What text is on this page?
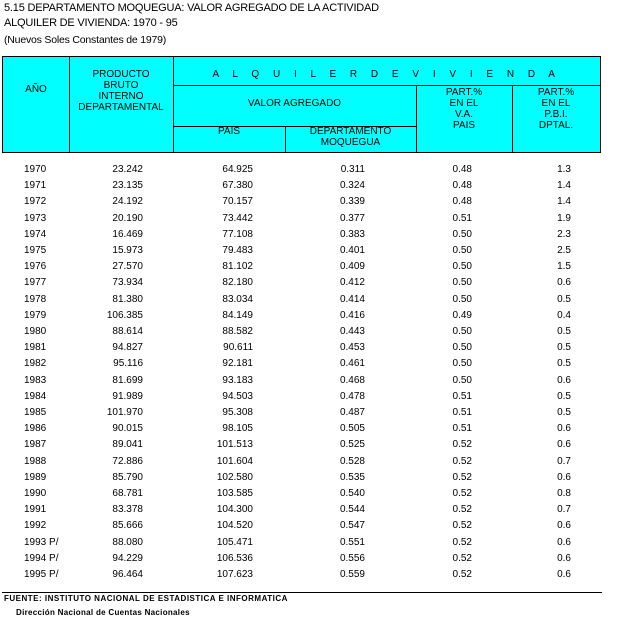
5.15 DEPARTAMENTO MOQUEGUA: VALOR AGREGADO DE LA ACTIVIDAD
ALQUILER DE VIVIENDA: 1970 - 95
(Nuevos Soles Constantes de 1979)
AÑO
PRODUCTO
BRUTO
INTERNO
DEPARTAMENTAL
A L Q U I L E R D E V I V I E N D A
VALOR AGREGADO
PAIS	DEPARTAMENTO
MOQUEGUA
PART.%
EN EL
V.A.
PAIS
PART.%
EN EL
P.B.I.
DPTAL.
1970	23.242	64.925	0.311	0.48	1.3
1971	23.135	67.380	0.324	0.48	1.4
1972	24.192	70.157	0.339	0.48	1.4
1973	20.190	73.442	0.377	0.51	1.9
1974	16.469	77.108	0.383	0.50	2.3
1975	15.973	79.483	0.401	0.50	2.5
1976	27.570	81.102	0.409	0.50	1.5
1977	73.934	82.180	0.412	0.50	0.6
1978	81.380	83.034	0.414	0.50	0.5
1979	106.385	84.149	0.416	0.49	0.4
1980	88.614	88.582	0.443	0.50	0.5
1981	94.827	90.611	0.453	0.50	0.5
1982	95.116	92.181	0.461	0.50	0.5
1983	81.699	93.183	0.468	0.50	0.6
1984	91.989	94.503	0.478	0.51	0.5
1985	101.970	95.308	0.487	0.51	0.5
1986	90.015	98.105	0.505	0.51	0.6
1987	89.041	101.513	0.525	0.52	0.6
1988	72.886	101.604	0.528	0.52	0.7
1989	85.790	102.580	0.535	0.52	0.6
1990	68.781	103.585	0.540	0.52	0.8
1991	83.378	104.300	0.544	0.52	0.7
1992	85.666	104.520	0.547	0.52	0.6
1993 P/	88.080	105.471	0.551	0.52	0.6
1994 P/	94.229	106.536	0.556	0.52	0.6
1995 P/	96.464	107.623	0.559	0.52	0.6
FUENTE: INSTITUTO NACIONAL DE ESTADISTICA E INFORMATICA
Dirección Nacional de Cuentas Nacionales
